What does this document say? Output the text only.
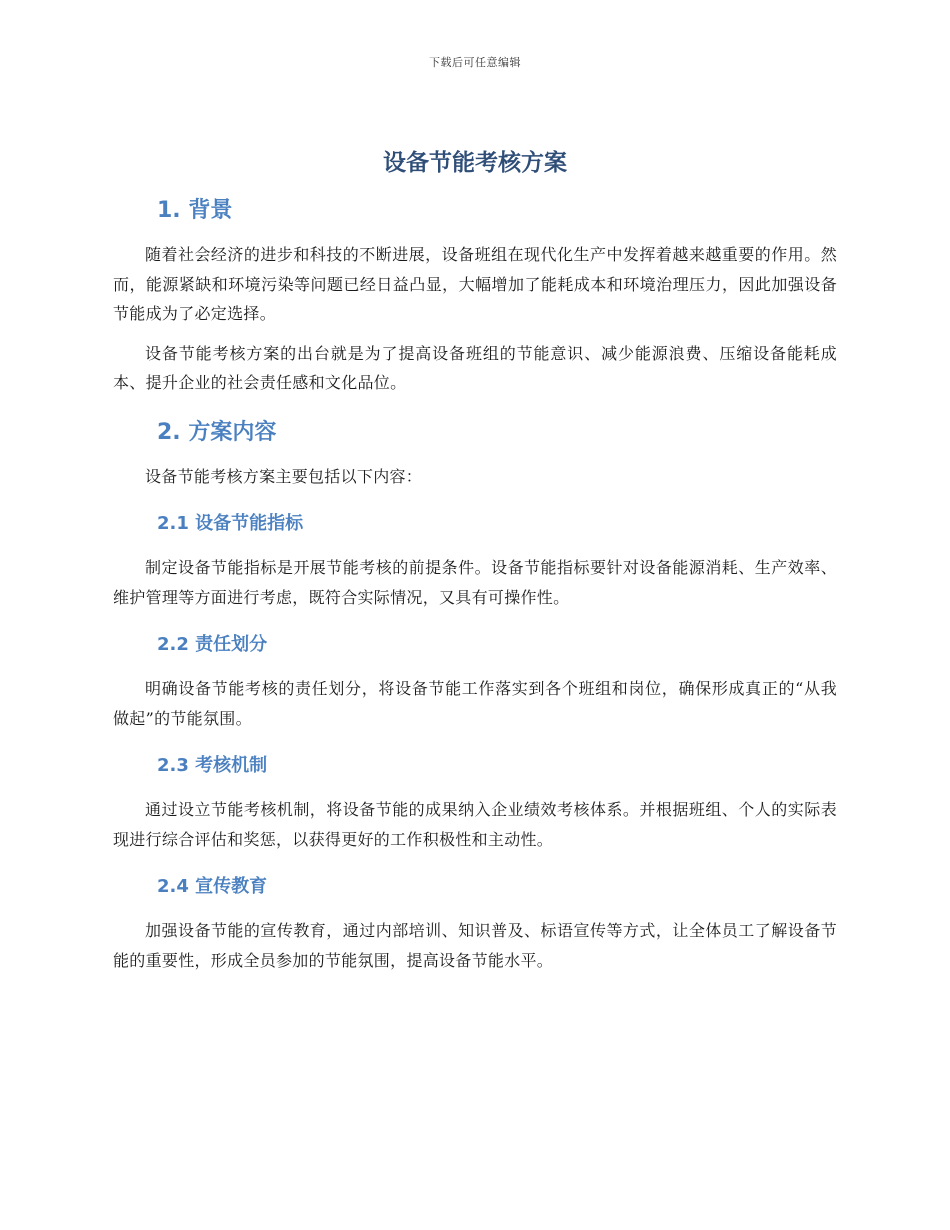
下载后可任意编辑
设备节能考核方案
1. 背景

随着社会经济的进步和科技的不断进展，设备班组在现代化生产中发挥着越来越重要的作用。然而，能源紧缺和环境污染等问题已经日益凸显，大幅增加了能耗成本和环境治理压力，因此加强设备节能成为了必定选择。

设备节能考核方案的出台就是为了提高设备班组的节能意识、减少能源浪费、压缩设备能耗成本、提升企业的社会责任感和文化品位。

2. 方案内容

设备节能考核方案主要包括以下内容：

2.1 设备节能指标

制定设备节能指标是开展节能考核的前提条件。设备节能指标要针对设备能源消耗、生产效率、维护管理等方面进行考虑，既符合实际情况，又具有可操作性。

2.2 责任划分

明确设备节能考核的责任划分，将设备节能工作落实到各个班组和岗位，确保形成真正的“从我做起”的节能氛围。

2.3 考核机制

通过设立节能考核机制，将设备节能的成果纳入企业绩效考核体系。并根据班组、个人的实际表现进行综合评估和奖惩，以获得更好的工作积极性和主动性。

2.4 宣传教育

加强设备节能的宣传教育，通过内部培训、知识普及、标语宣传等方式，让全体员工了解设备节能的重要性，形成全员参加的节能氛围，提高设备节能水平。
